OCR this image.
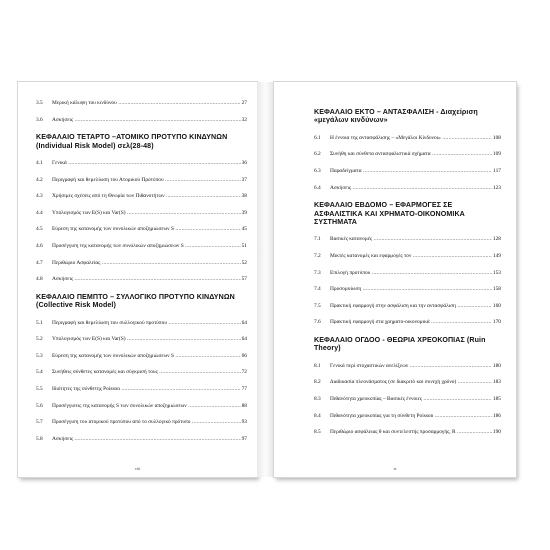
3.5	Μερική κάλυψη του κινδύνου .....	27
3.6	Ασκήσεις .....	32
ΚΕΦΑΛΑΙΟ ΤΕΤΑΡΤΟ –ΑΤΟΜΙΚΟ ΠΡΟΤΥΠΟ ΚΙΝΔΥΝΩΝ (Individual Risk Model) σελ(28-48)
4.1	Γενικά .....	36
4.2	Περιγραφή και θεμελίωση του Ατομικού Προτύπου .....	37
4.3	Χρήσιμες σχέσεις από τη Θεωρία των Πιθανοτήτων .....	38
4.4	Υπολογισμός των E(S) και Var(S) .....	39
4.5	Εύρεση της κατανομής των συνολικών αποζημιώσεων S .....	45
4.6	Προσέγγιση της κατανομής των συνολικών αποζημιώσεων S .....	51
4.7	Περιθώριο Ασφαλείας .....	52
4.8	Ασκήσεις .....	57
ΚΕΦΑΛΑΙΟ ΠΕΜΠΤΟ – ΣΥΛΛΟΓΙΚΟ ΠΡΟΤΥΠΟ ΚΙΝΔΥΝΩΝ (Collective Risk Model)
5.1	Περιγραφή και θεμελίωση του συλλογικού προτύπου .....	64
5.2	Υπολογισμός των E(S) και Var(S) .....	64
5.3	Εύρεση της κατανομής των συνολικών αποζημιώσεων S .....	66
5.4	Συνήθεις σύνθετες κατανομές και σύγκρισή τους .....	72
5.5	Ιδιότητες της σύνθετης Poisson .....	77
5.6	Προσέγγισεις της κατανομής S των συνολικών αποζημιώσεων .....	88
5.7	Προσέγγιση του ατομικού προτύπου από το συλλογικό πρότυπο .....	93
5.8	Ασκήσεις .....	97
viii
ΚΕΦΑΛΑΙΟ ΕΚΤΟ – ΑΝΤΑΣΦΑΛΙΣΗ - Διαχείριση «μεγάλων κινδύνων»
6.1	Η έννοια της αντασφάλισης – «Μεγάλοι Κίνδυνοι» .....	108
6.2	Συνήθη και σύνθετα αντασφαλιστικά σχήματα .....	109
6.3	Παραδείγματα .....	117
6.4	Ασκήσεις .....	123
ΚΕΦΑΛΑΙΟ ΕΒΔΟΜΟ – ΕΦΑΡΜΟΓΕΣ ΣΕ ΑΣΦΑΛΙΣΤΙΚΑ ΚΑΙ ΧΡΗΜΑΤΟ-ΟΙΚΟΝΟΜΙΚΑ ΣΥΣΤΗΜΑΤΑ
7.1	Βασικές κατανομές .....	128
7.2	Μικτές κατανομές και εφαρμογές τον .....	149
7.3	Επιλογή προτύπου .....	153
7.4	Προσομοίωση .....	158
7.5	Πρακτική εφαρμογή στην ασφάλιση και την αντασφάλιση .....	160
7.6	Πρακτική εφαρμογή στα χρηματο-οικονομικά .....	170
ΚΕΦΑΛΑΙΟ ΟΓΔΟΟ - ΘΕΩΡΙΑ ΧΡΕΟΚΟΠΙΑΣ (Ruin Theory)
8.1	Γενικά περί στοχαστικών ανελίξεων .....	180
8.2	Διαδικασία πλεονάσματος (σε διακριτό και συνεχή χρόνο) .....	183
8.3	Πιθανότητα χρεοκοπίας – Βασικές έννοιες .....	185
8.4	Πιθανότητα χρεοκοπίας για τη σύνθετη Poisson .....	186
8.5	Περιθώριο ασφάλειας θ και συντελεστής προσαρμογής, R .....	190
ix
